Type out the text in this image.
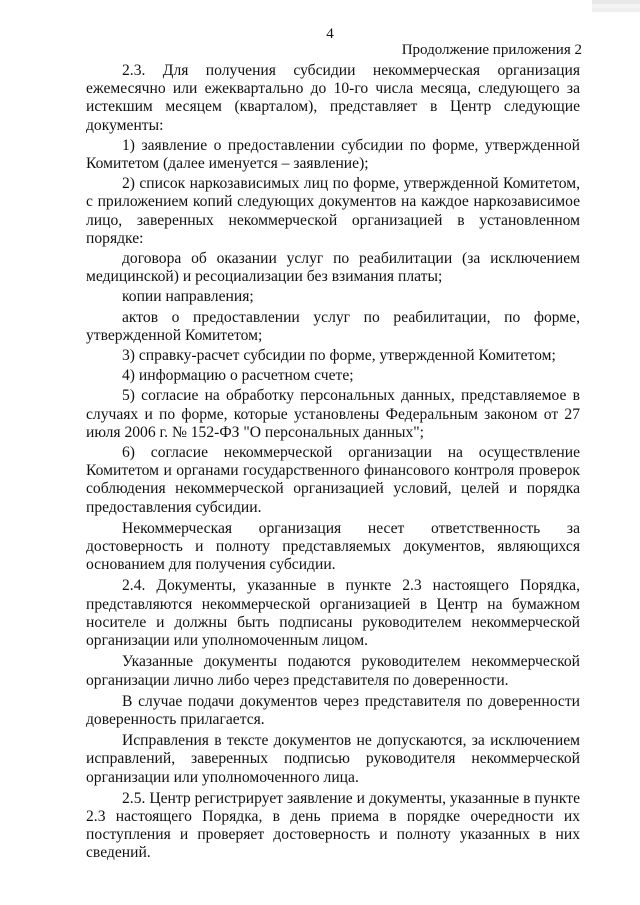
4
Продолжение приложения 2

2.3. Для получения субсидии некоммерческая организация ежемесячно или ежеквартально до 10-го числа месяца, следующего за истекшим месяцем (кварталом), представляет в Центр следующие документы:

1) заявление о предоставлении субсидии по форме, утвержденной Комитетом (далее именуется – заявление);

2) список наркозависимых лиц по форме, утвержденной Комитетом, с приложением копий следующих документов на каждое наркозависимое лицо, заверенных некоммерческой организацией в установленном порядке:

договора об оказании услуг по реабилитации (за исключением медицинской) и ресоциализации без взимания платы;

копии направления;

актов о предоставлении услуг по реабилитации, по форме, утвержденной Комитетом;

3) справку-расчет субсидии по форме, утвержденной Комитетом;

4) информацию о расчетном счете;

5) согласие на обработку персональных данных, представляемое в случаях и по форме, которые установлены Федеральным законом от 27 июля 2006 г. № 152-ФЗ "О персональных данных";

6) согласие некоммерческой организации на осуществление Комитетом и органами государственного финансового контроля проверок соблюдения некоммерческой организацией условий, целей и порядка предоставления субсидии.

Некоммерческая организация несет ответственность за достоверность и полноту представляемых документов, являющихся основанием для получения субсидии.

2.4. Документы, указанные в пункте 2.3 настоящего Порядка, представляются некоммерческой организацией в Центр на бумажном носителе и должны быть подписаны руководителем некоммерческой организации или уполномоченным лицом.

Указанные документы подаются руководителем некоммерческой организации лично либо через представителя по доверенности.

В случае подачи документов через представителя по доверенности доверенность прилагается.

Исправления в тексте документов не допускаются, за исключением исправлений, заверенных подписью руководителя некоммерческой организации или уполномоченного лица.

2.5. Центр регистрирует заявление и документы, указанные в пункте 2.3 настоящего Порядка, в день приема в порядке очередности их поступления и проверяет достоверность и полноту указанных в них сведений.
